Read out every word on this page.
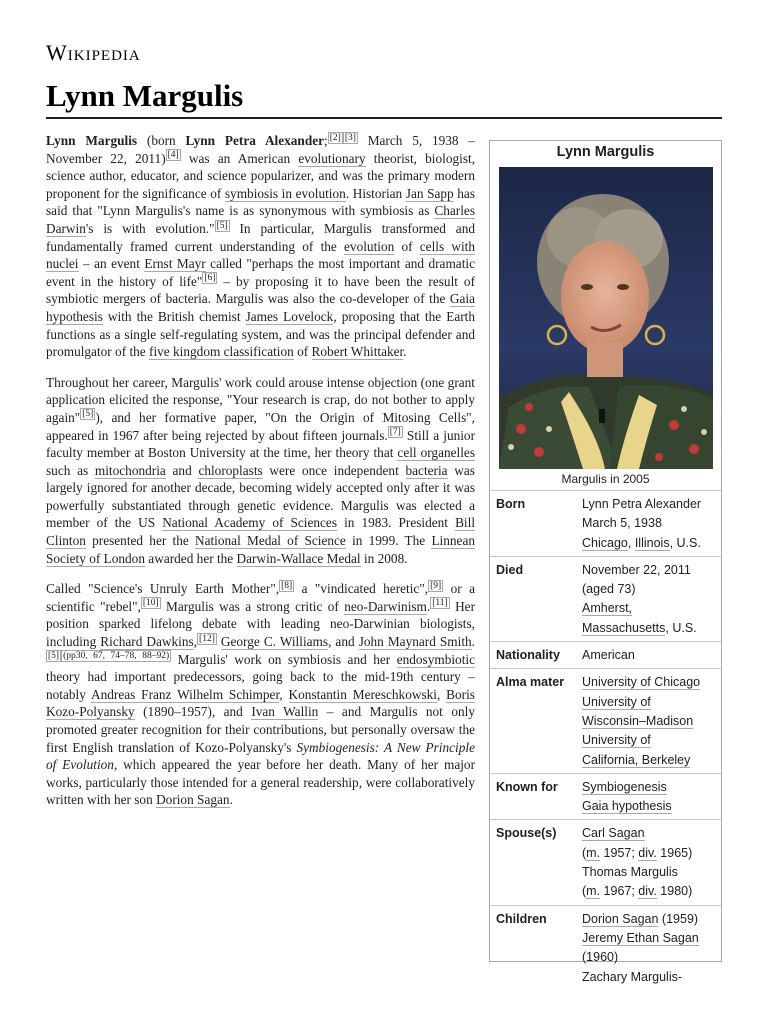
Wikipedia
Lynn Margulis

Lynn Margulis (born Lynn Petra Alexander; [2] [3] March 5, 1938 – November 22, 2011) [4] was an American evolutionary theorist, biologist, science author, educator, and science popularizer, and was the primary modern proponent for the significance of symbiosis in evolution. Historian Jan Sapp has said that "Lynn Margulis's name is as synonymous with symbiosis as Charles Darwin's is with evolution." [5] In particular, Margulis transformed and fundamentally framed current understanding of the evolution of cells with nuclei – an event Ernst Mayr called "perhaps the most important and dramatic event in the history of life" [6] – by proposing it to have been the result of symbiotic mergers of bacteria. Margulis was also the co-developer of the Gaia hypothesis with the British chemist James Lovelock, proposing that the Earth functions as a single self-regulating system, and was the principal defender and promulgator of the five kingdom classification of Robert Whittaker.

Throughout her career, Margulis' work could arouse intense objection (one grant application elicited the response, "Your research is crap, do not bother to apply again" [5] ), and her formative paper, "On the Origin of Mitosing Cells", appeared in 1967 after being rejected by about fifteen journals. [7] Still a junior faculty member at Boston University at the time, her theory that cell organelles such as mitochondria and chloroplasts were once independent bacteria was largely ignored for another decade, becoming widely accepted only after it was powerfully substantiated through genetic evidence. Margulis was elected a member of the US National Academy of Sciences in 1983. President Bill Clinton presented her the National Medal of Science in 1999. The Linnean Society of London awarded her the Darwin-Wallace Medal in 2008.

Called "Science's Unruly Earth Mother", [8] a "vindicated heretic", [9] or a scientific "rebel", [10] Margulis was a strong critic of neo-Darwinism. [11] Her position sparked lifelong debate with leading neo-Darwinian biologists, including Richard Dawkins, [12] George C. Williams, and John Maynard Smith.[5] $^{(pp30, 67, 74-78, 88-92)}$ Margulis' work on symbiosis and her endosymbiotic theory had important predecessors, going back to the mid-19th century – notably Andreas Franz Wilhelm Schimper, Konstantin Mereschkowski, Boris Kozo-Polyansky (1890–1957), and Ivan Wallin – and Margulis not only promoted greater recognition for their contributions, but personally oversaw the first English translation of Kozo-Polyansky's Symbiogenesis: A New Principle of Evolution, which appeared the year before her death. Many of her major works, particularly those intended for a general readership, were collaboratively written with her son Dorion Sagan.

Lynn Margulis
Margulis in 2005
Born	Lynn Petra Alexander
March 5, 1938
Chicago, Illinois, U.S.
Died	November 22, 2011
(aged 73)
Amherst,
Massachusetts, U.S.
Nationality	American
Alma mater	University of Chicago
University of
Wisconsin–Madison
University of
California, Berkeley
Known for	Symbiogenesis
Gaia hypothesis
Spouse(s)	Carl Sagan
(m. 1957; div. 1965)
Thomas Margulis
(m. 1967; div. 1980)
Children	Dorion Sagan (1959)
Jeremy Ethan Sagan
(1960)
Zachary Margulis-
